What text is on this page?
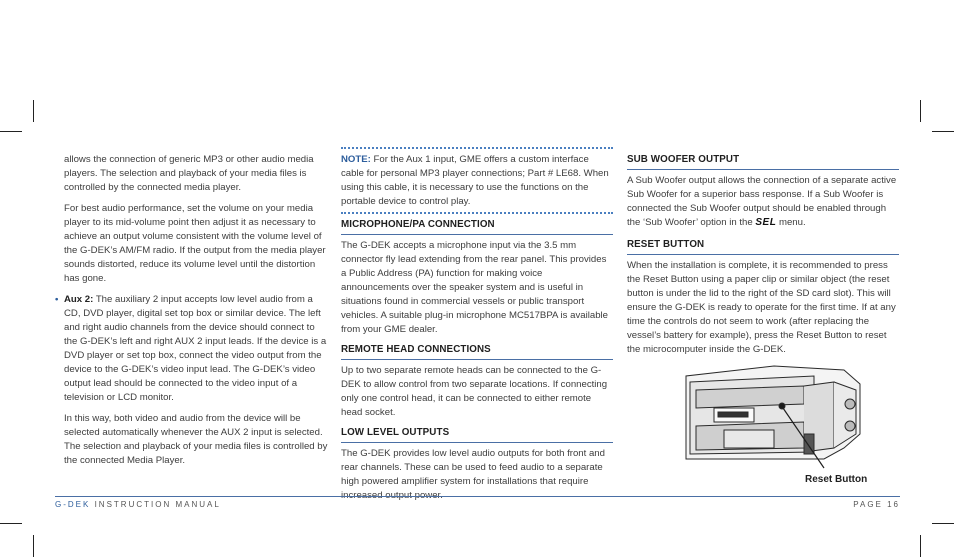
allows the connection of generic MP3 or other audio media players. The selection and playback of your media files is controlled by the connected media player.

For best audio performance, set the volume on your media player to its mid-volume point then adjust it as necessary to achieve an output volume consistent with the volume level of the G-DEK’s AM/FM radio. If the output from the media player sounds distorted, reduce its volume level until the distortion has gone.

• Aux 2: The auxiliary 2 input accepts low level audio from a CD, DVD player, digital set top box or similar device. The left and right audio channels from the device should connect to the G-DEK’s left and right AUX 2 input leads. If the device is a DVD player or set top box, connect the video output from the device to the G-DEK’s video input lead. The G-DEK’s video output lead should be connected to the video input of a television or LCD monitor.

In this way, both video and audio from the device will be selected automatically whenever the AUX 2 input is selected. The selection and playback of your media files is controlled by the connected Media Player.

NOTE: For the Aux 1 input, GME offers a custom interface cable for personal MP3 player connections; Part # LE68. When using this cable, it is necessary to use the functions on the portable device to control play.

MICROPHONE/PA CONNECTION

The G-DEK accepts a microphone input via the 3.5 mm connector fly lead extending from the rear panel. This provides a Public Address (PA) function for making voice announcements over the speaker system and is useful in situations found in commercial vessels or public transport vehicles. A suitable plug-in microphone MC517BPA is available from your GME dealer.

REMOTE HEAD CONNECTIONS

Up to two separate remote heads can be connected to the G-DEK to allow control from two separate locations. If connecting only one control head, it can be connected to either remote head socket.

LOW LEVEL OUTPUTS

The G-DEK provides low level audio outputs for both front and rear channels. These can be used to feed audio to a separate high powered amplifier system for installations that require

SUB WOOFER OUTPUT

A Sub Woofer output allows the connection of a separate active Sub Woofer for a superior bass response. If a Sub Woofer is connected the Sub Woofer output should be enabled through the ‘Sub Woofer’ option in the SEL menu.

RESET BUTTON

When the installation is complete, it is recommended to press the Reset Button using a paper clip or similar object (the reset button is under the lid to the right of the SD card slot). This will ensure the G-DEK is ready to operate for the first time. If at any time the controls do not seem to work (after replacing the vessel’s battery for example), press the Reset Button to reset the microcomputer inside the G-DEK.

Reset Button
G-DEK INSTRUCTION MANUAL	PAGE 16
